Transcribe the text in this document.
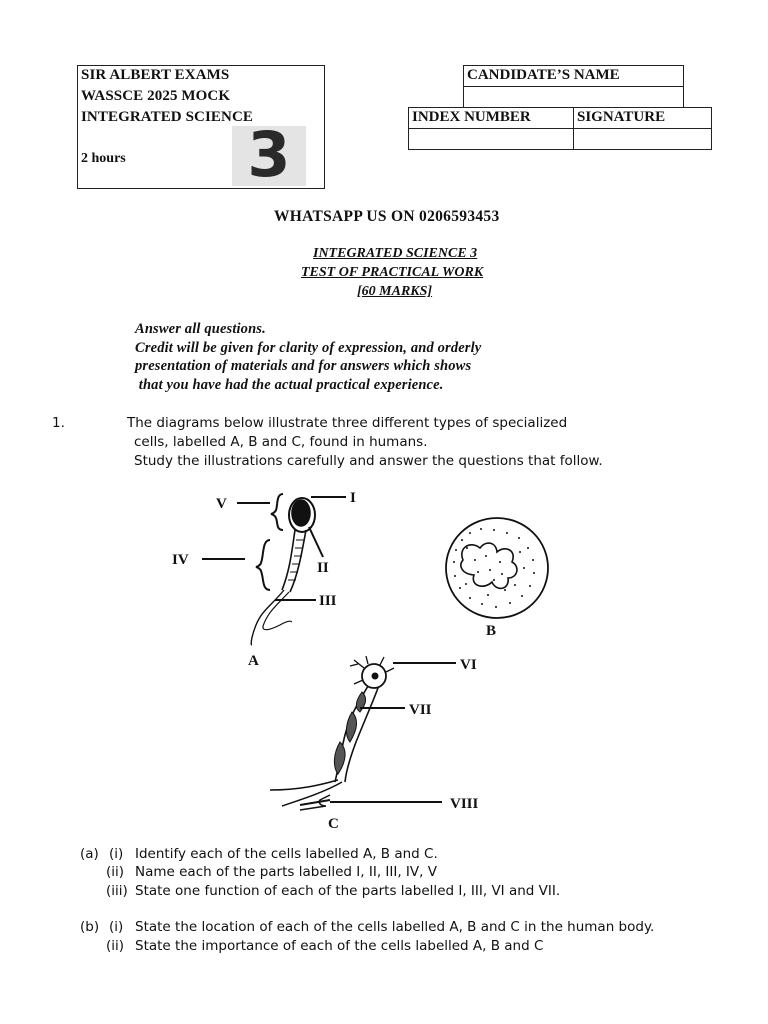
SIR ALBERT EXAMS
WASSCE 2025 MOCK
INTEGRATED SCIENCE
2 hours 3
CANDIDATE’S NAME
INDEX NUMBER	SIGNATURE
WHATSAPP US ON 0206593453
INTEGRATED SCIENCE 3
TEST OF PRACTICAL WORK
[60 MARKS]
Answer all questions.
Credit will be given for clarity of expression, and orderly
presentation of materials and for answers which shows
that you have had the actual practical experience.
1.	The diagrams below illustrate three different types of specialized
cells, labelled A, B and C, found in humans.
Study the illustrations carefully and answer the questions that follow.
V	I
IV	II
III
B
A	VI
VII
VIII
C
(a) (i) Identify each of the cells labelled A, B and C.
(ii) Name each of the parts labelled I, II, III, IV, V
(iii) State one function of each of the parts labelled I, III, VI and VII.
(b) (i) State the location of each of the cells labelled A, B and C in the human body.
(ii) State the importance of each of the cells labelled A, B and C
